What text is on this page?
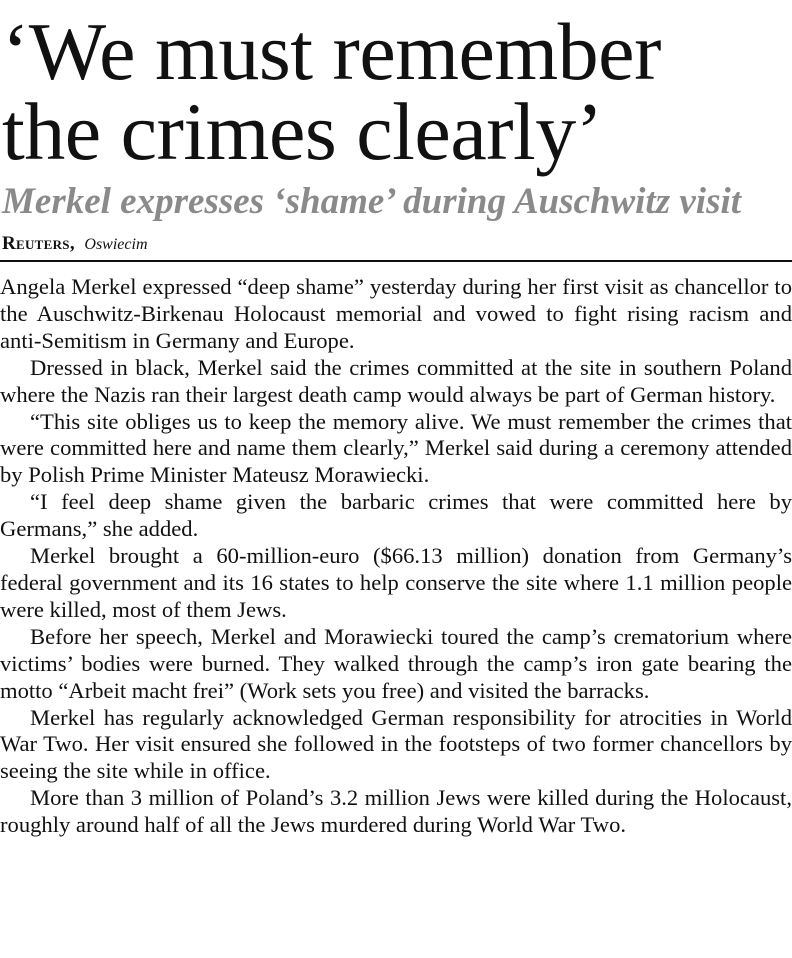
‘We must remember
the crimes clearly’
Merkel expresses ‘shame’ during Auschwitz visit
Reuters, Oswiecim

Angela Merkel expressed “deep shame” yesterday during her first visit as chancellor to the Auschwitz-Birkenau Holocaust memorial and vowed to fight rising racism and anti-Semitism in Germany and Europe.

Dressed in black, Merkel said the crimes committed at the site in southern Poland where the Nazis ran their largest death camp would always be part of German history.

“This site obliges us to keep the memory alive. We must remember the crimes that were committed here and name them clearly,” Merkel said during a ceremony attended by Polish Prime Minister Mateusz Morawiecki.

“I feel deep shame given the barbaric crimes that were committed here by Germans,” she added.

Merkel brought a 60-million-euro ($66.13 million) donation from Germany’s federal government and its 16 states to help conserve the site where 1.1 million people were killed, most of them Jews.

Before her speech, Merkel and Morawiecki toured the camp’s crematorium where victims’ bodies were burned. They walked through the camp’s iron gate bearing the motto “Arbeit macht frei” (Work sets you free) and visited the barracks.

Merkel has regularly acknowledged German responsibility for atrocities in World War Two. Her visit ensured she followed in the footsteps of two former chancellors by seeing the site while in office.

More than 3 million of Poland’s 3.2 million Jews were killed during the Holocaust, roughly around half of all the Jews murdered during World War Two.
